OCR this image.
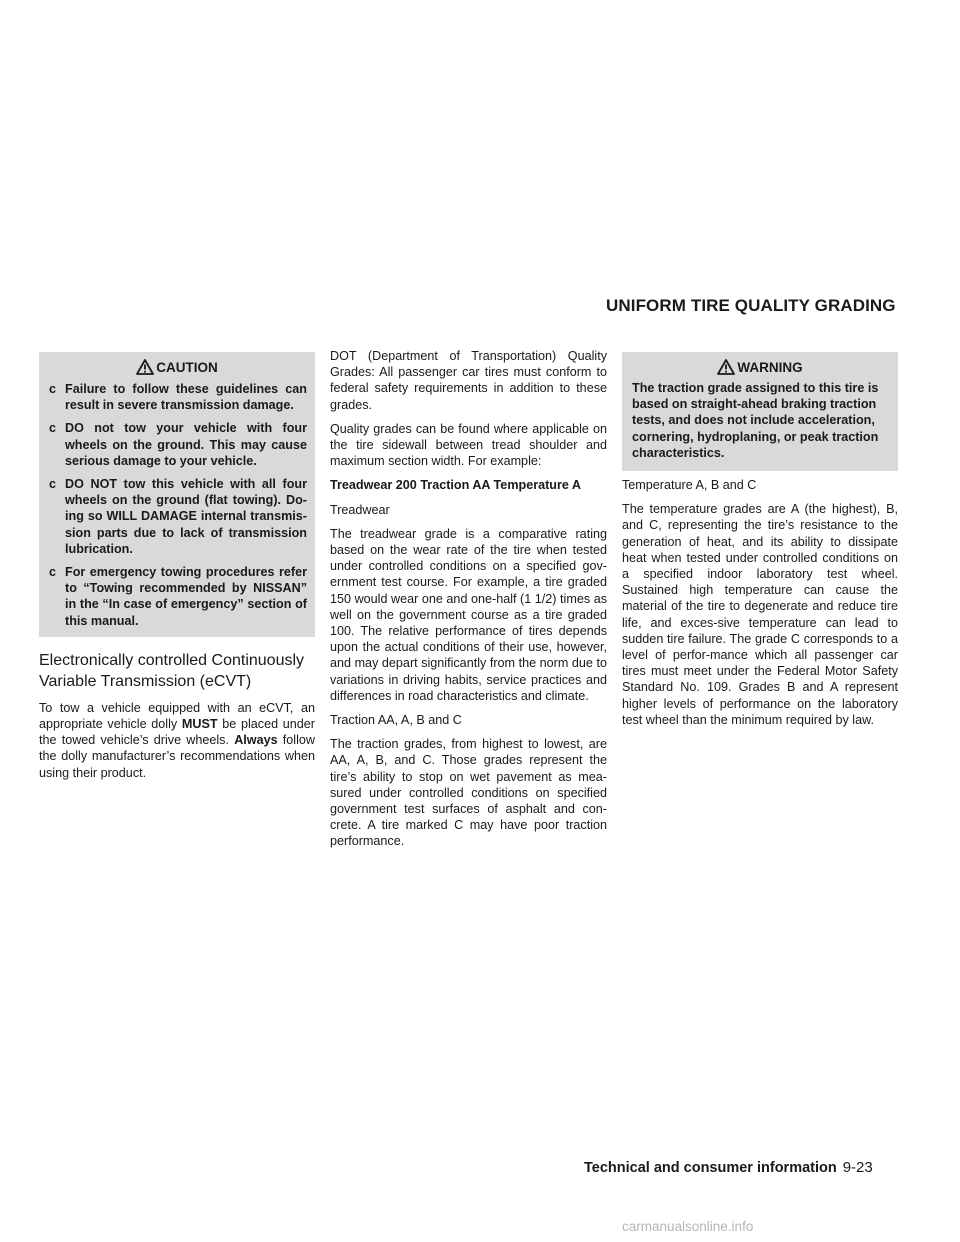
UNIFORM TIRE QUALITY GRADING
CAUTION
c Failure to follow these guidelines can result in severe transmission damage.
c DO not tow your vehicle with four wheels on the ground. This may cause serious damage to your vehicle.
c DO NOT tow this vehicle with all four wheels on the ground (flat towing). Do-ing so WILL DAMAGE internal transmis-sion parts due to lack of transmission lubrication.
c For emergency towing procedures refer to “Towing recommended by NISSAN” in the “In case of emergency” section of this manual.
Electronically controlled Continuously Variable Transmission (eCVT)

To tow a vehicle equipped with an eCVT, an appropriate vehicle dolly MUST be placed under the towed vehicle’s drive wheels. Always follow the dolly manufacturer’s recommendations when using their product.

DOT (Department of Transportation) Quality Grades: All passenger car tires must conform to federal safety requirements in addition to these grades.

Quality grades can be found where applicable on the tire sidewall between tread shoulder and maximum section width. For example:

Treadwear 200 Traction AA Temperature A

Treadwear

The treadwear grade is a comparative rating based on the wear rate of the tire when tested under controlled conditions on a specified gov-ernment test course. For example, a tire graded 150 would wear one and one-half (1 1/2) times as well on the government course as a tire graded 100. The relative performance of tires depends upon the actual conditions of their use, however, and may depart significantly from the norm due to variations in driving habits, service practices and differences in road characteristics and climate.

Traction AA, A, B and C

The traction grades, from highest to lowest, are AA, A, B, and C. Those grades represent the tire’s ability to stop on wet pavement as mea-sured under controlled conditions on specified government test surfaces of asphalt and con-crete. A tire marked C may have poor traction performance.

WARNING
The traction grade assigned to this tire is based on straight-ahead braking traction tests, and does not include acceleration, cornering, hydroplaning, or peak traction characteristics.

Temperature A, B and C

The temperature grades are A (the highest), B, and C, representing the tire’s resistance to the generation of heat, and its ability to dissipate heat when tested under controlled conditions on a specified indoor laboratory test wheel. Sustained high temperature can cause the material of the tire to degenerate and reduce tire life, and exces-sive temperature can lead to sudden tire failure. The grade C corresponds to a level of perfor-mance which all passenger car tires must meet under the Federal Motor Safety Standard No. 109. Grades B and A represent higher levels of performance on the laboratory test wheel than the minimum required by law.

Technical and consumer information 9-23
carmanualsonline.info
